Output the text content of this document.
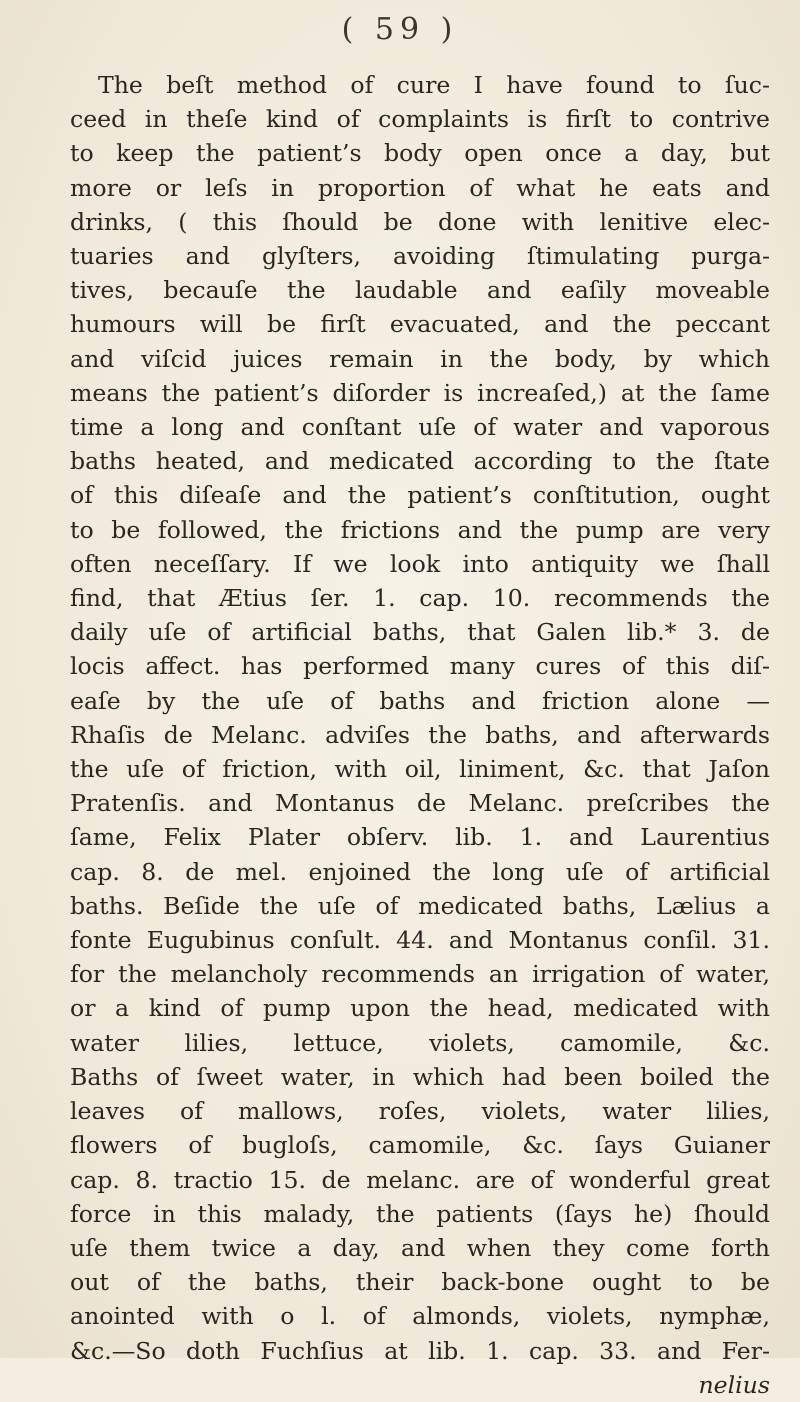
( 59 )
The beſt method of cure I have found to ſuc-
ceed in theſe kind of complaints is firſt to contrive
to keep the patient’s body open once a day, but
more or leſs in proportion of what he eats and
drinks, ( this ſhould be done with lenitive elec-
tuaries and glyſters, avoiding ſtimulating purga-
tives, becauſe the laudable and eaſily moveable
humours will be firſt evacuated, and the peccant
and viſcid juices remain in the body, by which
means the patient’s diſorder is increaſed,) at the ſame
time a long and conſtant uſe of water and vaporous
baths heated, and medicated according to the ſtate
of this diſeaſe and the patient’s conſtitution, ought
to be followed, the frictions and the pump are very
often neceſſary. If we look into antiquity we ſhall
find, that Ætius ſer. 1. cap. 10. recommends the
daily uſe of artificial baths, that Galen lib.* 3. de
locis affect. has performed many cures of this diſ-
eaſe by the uſe of baths and friction alone —
Rhaſis de Melanc. adviſes the baths, and afterwards
the uſe of friction, with oil, liniment, &c. that Jaſon
Pratenſis. and Montanus de Melanc. preſcribes the
ſame, Felix Plater obſerv. lib. 1. and Laurentius
cap. 8. de mel. enjoined the long uſe of artificial
baths. Beſide the uſe of medicated baths, Lælius a
fonte Eugubinus conſult. 44. and Montanus conſil. 31.
for the melancholy recommends an irrigation of water,
or a kind of pump upon the head, medicated with
water lilies, lettuce, violets, camomile, &c.
Baths of ſweet water, in which had been boiled the
leaves of mallows, roſes, violets, water lilies,
flowers of bugloſs, camomile, &c. ſays Guianer
cap. 8. tractio 15. de melanc. are of wonderful great
force in this malady, the patients (ſays he) ſhould
uſe them twice a day, and when they come forth
out of the baths, their back-bone ought to be
anointed with o l. of almonds, violets, nymphæ,
&c.—So doth Fuchſius at lib. 1. cap. 33. and Fer-
nelius
